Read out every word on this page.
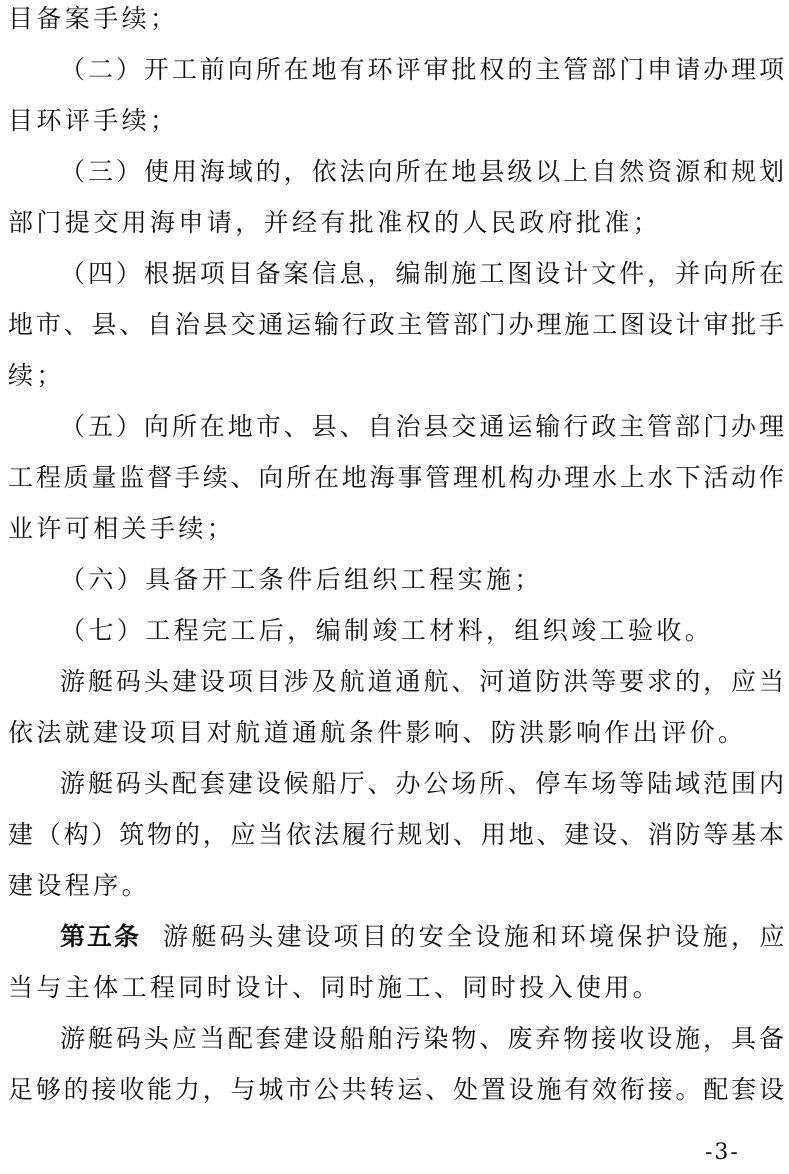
目备案手续；
（二）开工前向所在地有环评审批权的主管部门申请办理项
目环评手续；
（三）使用海域的，依法向所在地县级以上自然资源和规划
部门提交用海申请，并经有批准权的人民政府批准；
（四）根据项目备案信息，编制施工图设计文件，并向所在
地市、县、自治县交通运输行政主管部门办理施工图设计审批手
续；
（五）向所在地市、县、自治县交通运输行政主管部门办理
工程质量监督手续、向所在地海事管理机构办理水上水下活动作
业许可相关手续；
（六）具备开工条件后组织工程实施；
（七）工程完工后，编制竣工材料，组织竣工验收。
游艇码头建设项目涉及航道通航、河道防洪等要求的，应当
依法就建设项目对航道通航条件影响、防洪影响作出评价。
游艇码头配套建设候船厅、办公场所、停车场等陆域范围内
建（构）筑物的，应当依法履行规划、用地、建设、消防等基本
建设程序。
第五条 游艇码头建设项目的安全设施和环境保护设施，应
当与主体工程同时设计、同时施工、同时投入使用。
游艇码头应当配套建设船舶污染物、废弃物接收设施，具备
足够的接收能力，与城市公共转运、处置设施有效衔接。配套设
-3-
